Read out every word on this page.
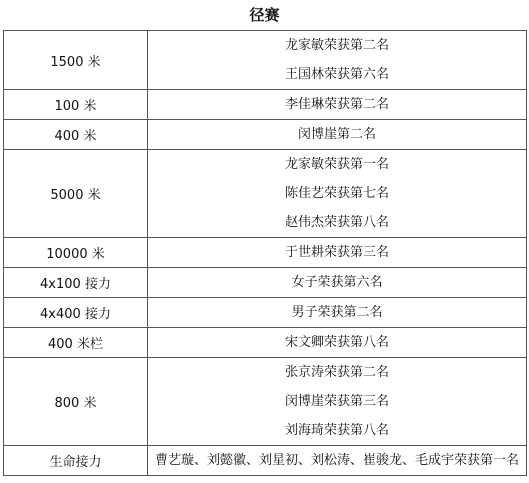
径赛
1500 米	龙家敏荣获第二名
王国林荣获第六名

100 米	李佳琳荣获第二名

400 米	闵博崖第二名

5000 米	龙家敏荣获第一名
陈佳艺荣获第七名
赵伟杰荣获第八名

10000 米	于世耕荣获第三名

4x100 接力	女子荣获第六名

4x400 接力	男子荣获第二名

400 米栏	宋文卿荣获第八名

800 米	张京涛荣获第二名
闵博崖荣获第三名
刘海琦荣获第八名

生命接力	曹艺璇、刘懿徽、刘星初、刘松涛、崔骏龙、毛成宇荣获第一名
